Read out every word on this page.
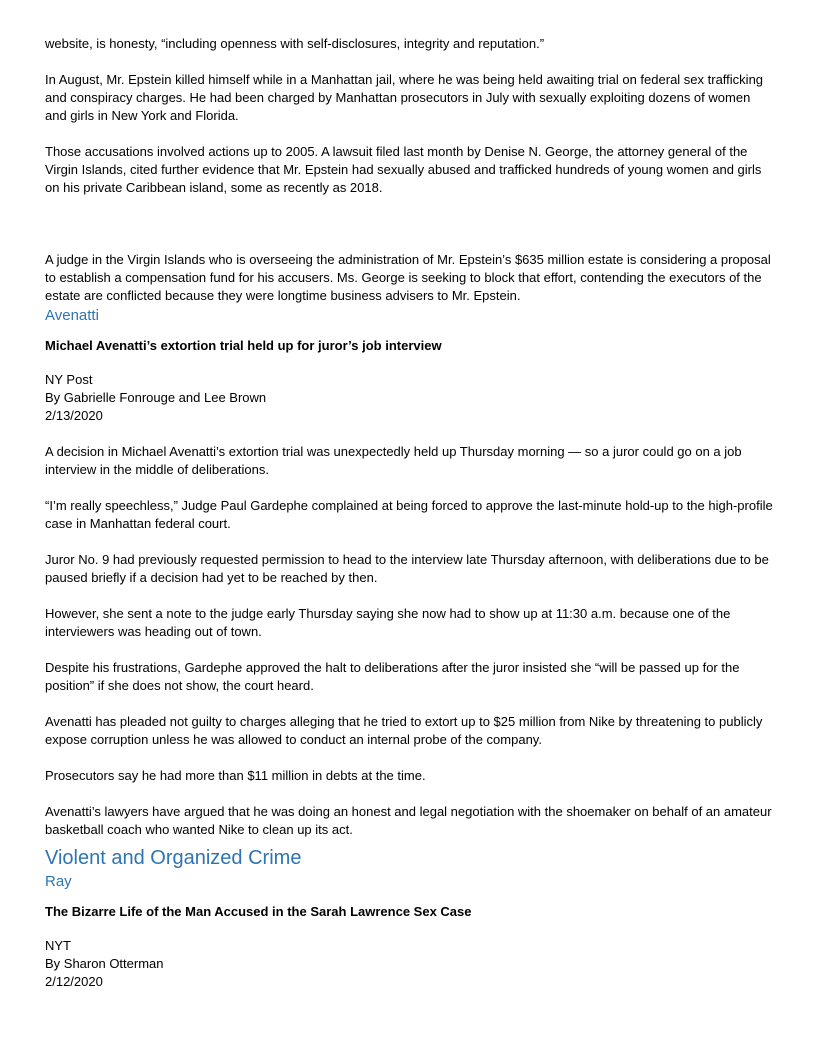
website, is honesty, “including openness with self-disclosures, integrity and reputation.”

In August, Mr. Epstein killed himself while in a Manhattan jail, where he was being held awaiting trial on federal sex trafficking and conspiracy charges. He had been charged by Manhattan prosecutors in July with sexually exploiting dozens of women and girls in New York and Florida.

Those accusations involved actions up to 2005. A lawsuit filed last month by Denise N. George, the attorney general of the Virgin Islands, cited further evidence that Mr. Epstein had sexually abused and trafficked hundreds of young women and girls on his private Caribbean island, some as recently as 2018.

A judge in the Virgin Islands who is overseeing the administration of Mr. Epstein’s $635 million estate is considering a proposal to establish a compensation fund for his accusers. Ms. George is seeking to block that effort, contending the executors of the estate are conflicted because they were longtime business advisers to Mr. Epstein.

Avenatti

Michael Avenatti’s extortion trial held up for juror’s job interview

NY Post

By Gabrielle Fonrouge and Lee Brown

2/13/2020

A decision in Michael Avenatti’s extortion trial was unexpectedly held up Thursday morning — so a juror could go on a job interview in the middle of deliberations.

“I’m really speechless,” Judge Paul Gardephe complained at being forced to approve the last-minute hold-up to the high-profile case in Manhattan federal court.

Juror No. 9 had previously requested permission to head to the interview late Thursday afternoon, with deliberations due to be paused briefly if a decision had yet to be reached by then.

However, she sent a note to the judge early Thursday saying she now had to show up at 11:30 a.m. because one of the interviewers was heading out of town.

Despite his frustrations, Gardephe approved the halt to deliberations after the juror insisted she “will be passed up for the position” if she does not show, the court heard.

Avenatti has pleaded not guilty to charges alleging that he tried to extort up to $25 million from Nike by threatening to publicly expose corruption unless he was allowed to conduct an internal probe of the company.

Prosecutors say he had more than $11 million in debts at the time.

Avenatti’s lawyers have argued that he was doing an honest and legal negotiation with the shoemaker on behalf of an amateur basketball coach who wanted Nike to clean up its act.

Violent and Organized Crime
Ray

The Bizarre Life of the Man Accused in the Sarah Lawrence Sex Case

NYT

By Sharon Otterman

2/12/2020
